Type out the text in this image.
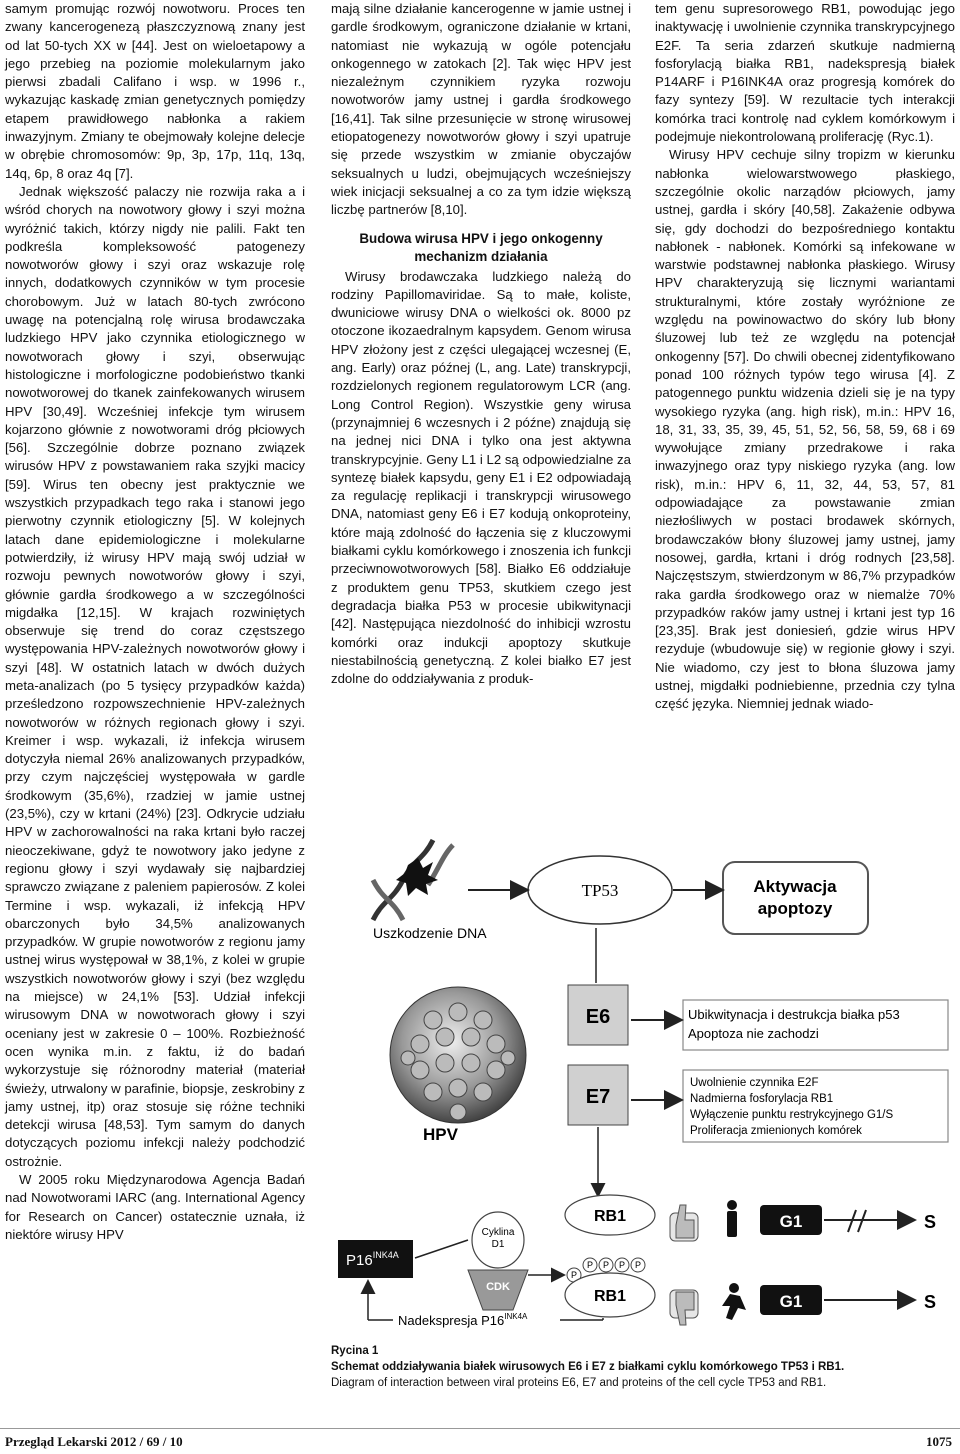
samym promując rozwój nowotworu. Proces ten zwany kancerogenezą płaszczyznową znany jest od lat 50-tych XX w [44]. Jest on wieloetapowy a jego przebieg na poziomie molekularnym jako pierwsi zbadali Califano i wsp. w 1996 r., wykazując kaskadę zmian genetycznych pomiędzy etapem prawidłowego nabłonka a rakiem inwazyjnym. Zmiany te obejmowały kolejne delecje w obrębie chromosomów: 9p, 3p, 17p, 11q, 13q, 14q, 6p, 8 oraz 4q [7].

Jednak większość palaczy nie rozwija raka a i wśród chorych na nowotwory głowy i szyi można wyróżnić takich, którzy nigdy nie palili. Fakt ten podkreśla kompleksowość patogenezy nowotworów głowy i szyi oraz wskazuje rolę innych, dodatkowych czynników w tym procesie chorobowym. Już w latach 80-tych zwrócono uwagę na potencjalną rolę wirusa brodawczaka ludzkiego HPV jako czynnika etiologicznego w nowotworach głowy i szyi, obserwując histologiczne i morfologiczne podobieństwo tkanki nowotworowej do tkanek zainfekowanych wirusem HPV [30,49]. Wcześniej infekcje tym wirusem kojarzono głównie z nowotworami dróg płciowych [56]. Szczególnie dobrze poznano związek wirusów HPV z powstawaniem raka szyjki macicy [59]. Wirus ten obecny jest praktycznie we wszystkich przypadkach tego raka i stanowi jego pierwotny czynnik etiologiczny [5]. W kolejnych latach dane epidemiologiczne i molekularne potwierdziły, iż wirusy HPV mają swój udział w rozwoju pewnych nowotworów głowy i szyi, głównie gardła środkowego a w szczególności migdałka [12,15]. W krajach rozwiniętych obserwuje się trend do coraz częstszego występowania HPV-zależnych nowotworów głowy i szyi [48]. W ostatnich latach w dwóch dużych meta-analizach (po 5 tysięcy przypadków każda) prześledzono rozpowszechnienie HPV-zależnych nowotworów w różnych regionach głowy i szyi. Kreimer i wsp. wykazali, iż infekcja wirusem dotyczyła niemal 26% analizowanych przypadków, przy czym najczęściej występowała w gardle środkowym (35,6%), rzadziej w jamie ustnej (23,5%), czy w krtani (24%) [23]. Odkrycie udziału HPV w zachorowalności na raka krtani było raczej nieoczekiwane, gdyż te nowotwory jako jedyne z regionu głowy i szyi wydawały się najbardziej sprawczo związane z paleniem papierosów. Z kolei Termine i wsp. wykazali, iż infekcją HPV obarczonych było 34,5% analizowanych przypadków. W grupie nowotworów z regionu jamy ustnej wirus występował w 38,1%, z kolei w grupie wszystkich nowotworów głowy i szyi (bez względu na miejsce) w 24,1% [53]. Udział infekcji wirusowym DNA w nowotworach głowy i szyi oceniany jest w zakresie 0 – 100%. Rozbieżność ocen wynika m.in. z faktu, iż do badań wykorzystuje się różnorodny materiał (materiał świeży, utrwalony w parafinie, biopsje, zeskrobiny z jamy ustnej, itp) oraz stosuje się różne techniki detekcji wirusa [48,53]. Tym samym do danych dotyczących poziomu infekcji należy podchodzić ostrożnie.

W 2005 roku Międzynarodowa Agencja Badań nad Nowotworami IARC (ang. International Agency for Research on Cancer) ostatecznie uznała, iż niektóre wirusy HPV

mają silne działanie kancerogenne w jamie ustnej i gardle środkowym, ograniczone działanie w krtani, natomiast nie wykazują w ogóle potencjału onkogennego w zatokach [2]. Tak więc HPV jest niezależnym czynnikiem ryzyka rozwoju nowotworów jamy ustnej i gardła środkowego [16,41]. Tak silne przesunięcie w stronę wirusowej etiopatogenezy nowotworów głowy i szyi upatruje się przede wszystkim w zmianie obyczajów seksualnych u ludzi, obejmujących wcześniejszy wiek inicjacji seksualnej a co za tym idzie większą liczbę partnerów [8,10].

Budowa wirusa HPV i jego onkogenny mechanizm działania

Wirusy brodawczaka ludzkiego należą do rodziny Papillomaviridae. Są to małe, koliste, dwuniciowe wirusy DNA o wielkości ok. 8000 pz otoczone ikozaedralnym kapsydem. Genom wirusa HPV złożony jest z części ulegającej wczesnej (E, ang. Early) oraz późnej (L, ang. Late) transkrypcji, rozdzielonych regionem regulatorowym LCR (ang. Long Control Region). Wszystkie geny wirusa (przynajmniej 6 wczesnych i 2 późne) znajdują się na jednej nici DNA i tylko ona jest aktywna transkrypcyjnie. Geny L1 i L2 są odpowiedzialne za syntezę białek kapsydu, geny E1 i E2 odpowiadają za regulację replikacji i transkrypcji wirusowego DNA, natomiast geny E6 i E7 kodują onkoproteiny, które mają zdolność do łączenia się z kluczowymi białkami cyklu komórkowego i znoszenia ich funkcji przeciwnowotworowych [58]. Białko E6 oddziałuje z produktem genu TP53, skutkiem czego jest degradacja białka P53 w procesie ubikwitynacji [42]. Następująca niezdolność do inhibicji wzrostu komórki oraz indukcji apoptozy skutkuje niestabilnością genetyczną. Z kolei białko E7 jest zdolne do oddziaływania z produk-

tem genu supresorowego RB1, powodując jego inaktywację i uwolnienie czynnika transkrypcyjnego E2F. Ta seria zdarzeń skutkuje nadmierną fosforylacją białka RB1, nadekspresją białek P14ARF i P16INK4A oraz progresją komórek do fazy syntezy [59]. W rezultacie tych interakcji komórka traci kontrolę nad cyklem komórkowym i podejmuje niekontrolowaną proliferację (Ryc.1).

Wirusy HPV cechuje silny tropizm w kierunku nabłonka wielowarstwowego płaskiego, szczególnie okolic narządów płciowych, jamy ustnej, gardła i skóry [40,58]. Zakażenie odbywa się, gdy dochodzi do bezpośredniego kontaktu nabłonek - nabłonek. Komórki są infekowane w warstwie podstawnej nabłonka płaskiego. Wirusy HPV charakteryzują się licznymi wariantami strukturalnymi, które zostały wyróżnione ze względu na powinowactwo do skóry lub błony śluzowej lub też ze względu na potencjał onkogenny [57]. Do chwili obecnej zidentyfikowano ponad 100 różnych typów tego wirusa [4]. Z patogennego punktu widzenia dzieli się je na typy wysokiego ryzyka (ang. high risk), m.in.: HPV 16, 18, 31, 33, 35, 39, 45, 51, 52, 56, 58, 59, 68 i 69 wywołujące zmiany przedrakowe i raka inwazyjnego oraz typy niskiego ryzyka (ang. low risk), m.in.: HPV 6, 11, 32, 44, 53, 57, 81 odpowiadające za powstawanie zmian niezłośliwych w postaci brodawek skórnych, brodawczaków błony śluzowej jamy ustnej, jamy nosowej, gardła, krtani i dróg rodnych [23,58]. Najczęstszym, stwierdzonym w 86,7% przypadków raka gardła środkowego oraz w niemalże 70% przypadków raków jamy ustnej i krtani jest typ 16 [23,35]. Brak jest doniesień, gdzie wirus HPV rezyduje (wbudowuje się) w regionie głowy i szyi. Nie wiadomo, czy jest to błona śluzowa jamy ustnej, migdałki podniebienne, przednia czy tylna część języka. Niemniej jednak wiado-

Uszkodzenie DNA
TP53	Aktywacja apoptozy
E6	Ubikwitynacja i destrukcja białka p53
Apoptoza nie zachodzi
HPV
E7
Uwolnienie czynnika E2F
Nadmierna fosforylacja RB1
Wyłączenie punktu restrykcyjnego G1/S
Proliferacja zmienionych komórek
$P16^{INK4A}$
Cyklina D1
CDK
RB1
P
P P P P
RB1
G1	S
G1	S
Nadekspresja $P16^{INK4A}$
Rycina 1
Schemat oddziaływania białek wirusowych E6 i E7 z białkami cyklu komórkowego TP53 i RB1.
Diagram of interaction between viral proteins E6, E7 and proteins of the cell cycle TP53 and RB1.
Przegląd Lekarski 2012 / 69 / 10	1075
